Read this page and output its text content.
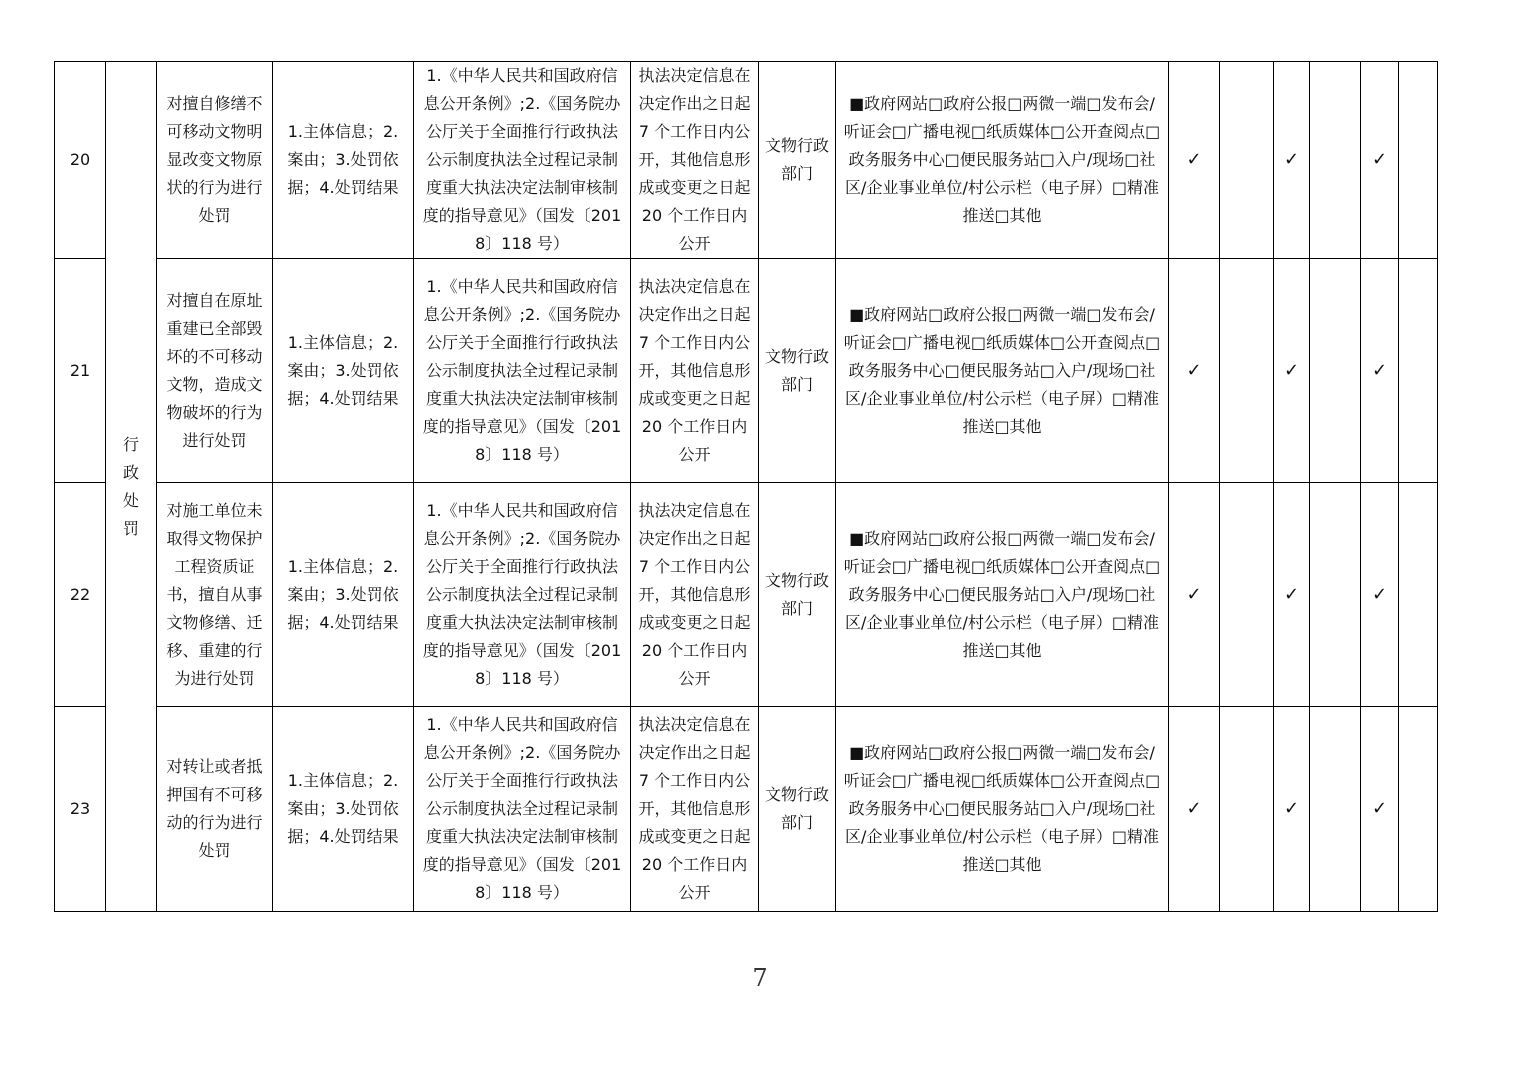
20	行政处罚	对擅自修缮不可移动文物明显改变文物原状的行为进行处罚	1.主体信息；2.案由；3.处罚依据；4.处罚结果	1.《中华人民共和国政府信息公开条例》;2.《国务院办公厅关于全面推行行政执法公示制度执法全过程记录制度重大执法决定法制审核制度的指导意见》（国发〔2018〕118 号）	执法决定信息在决定作出之日起 7 个工作日内公开，其他信息形成或变更之日起 20 个工作日内公开	文物行政部门	■政府网站□政府公报□两微一端□发布会/ 听证会□广播电视□纸质媒体□公开查阅点□政务服务中心□便民服务站□入户/现场□社区/企业事业单位/村公示栏（电子屏）□精准推送□其他	✓		✓		✓	
21		对擅自在原址重建已全部毁坏的不可移动文物，造成文物破坏的行为进行处罚	1.主体信息；2.案由；3.处罚依据；4.处罚结果	1.《中华人民共和国政府信息公开条例》;2.《国务院办公厅关于全面推行行政执法公示制度执法全过程记录制度重大执法决定法制审核制度的指导意见》（国发〔2018〕118 号）	执法决定信息在决定作出之日起 7 个工作日内公开，其他信息形成或变更之日起 20 个工作日内公开	文物行政部门	■政府网站□政府公报□两微一端□发布会/ 听证会□广播电视□纸质媒体□公开查阅点□政务服务中心□便民服务站□入户/现场□社区/企业事业单位/村公示栏（电子屏）□精准推送□其他	✓		✓		✓	
22		对施工单位未取得文物保护工程资质证书，擅自从事文物修缮、迁移、重建的行为进行处罚	1.主体信息；2.案由；3.处罚依据；4.处罚结果	1.《中华人民共和国政府信息公开条例》;2.《国务院办公厅关于全面推行行政执法公示制度执法全过程记录制度重大执法决定法制审核制度的指导意见》（国发〔2018〕118 号）	执法决定信息在决定作出之日起 7 个工作日内公开，其他信息形成或变更之日起 20 个工作日内公开	文物行政部门	■政府网站□政府公报□两微一端□发布会/ 听证会□广播电视□纸质媒体□公开查阅点□政务服务中心□便民服务站□入户/现场□社区/企业事业单位/村公示栏（电子屏）□精准推送□其他	✓		✓		✓	
23		对转让或者抵押国有不可移动的行为进行处罚	1.主体信息；2.案由；3.处罚依据；4.处罚结果	1.《中华人民共和国政府信息公开条例》;2.《国务院办公厅关于全面推行行政执法公示制度执法全过程记录制度重大执法决定法制审核制度的指导意见》（国发〔2018〕118 号）	执法决定信息在决定作出之日起 7 个工作日内公开，其他信息形成或变更之日起 20 个工作日内公开	文物行政部门	■政府网站□政府公报□两微一端□发布会/ 听证会□广播电视□纸质媒体□公开查阅点□政务服务中心□便民服务站□入户/现场□社区/企业事业单位/村公示栏（电子屏）□精准推送□其他	✓		✓		✓	
7
